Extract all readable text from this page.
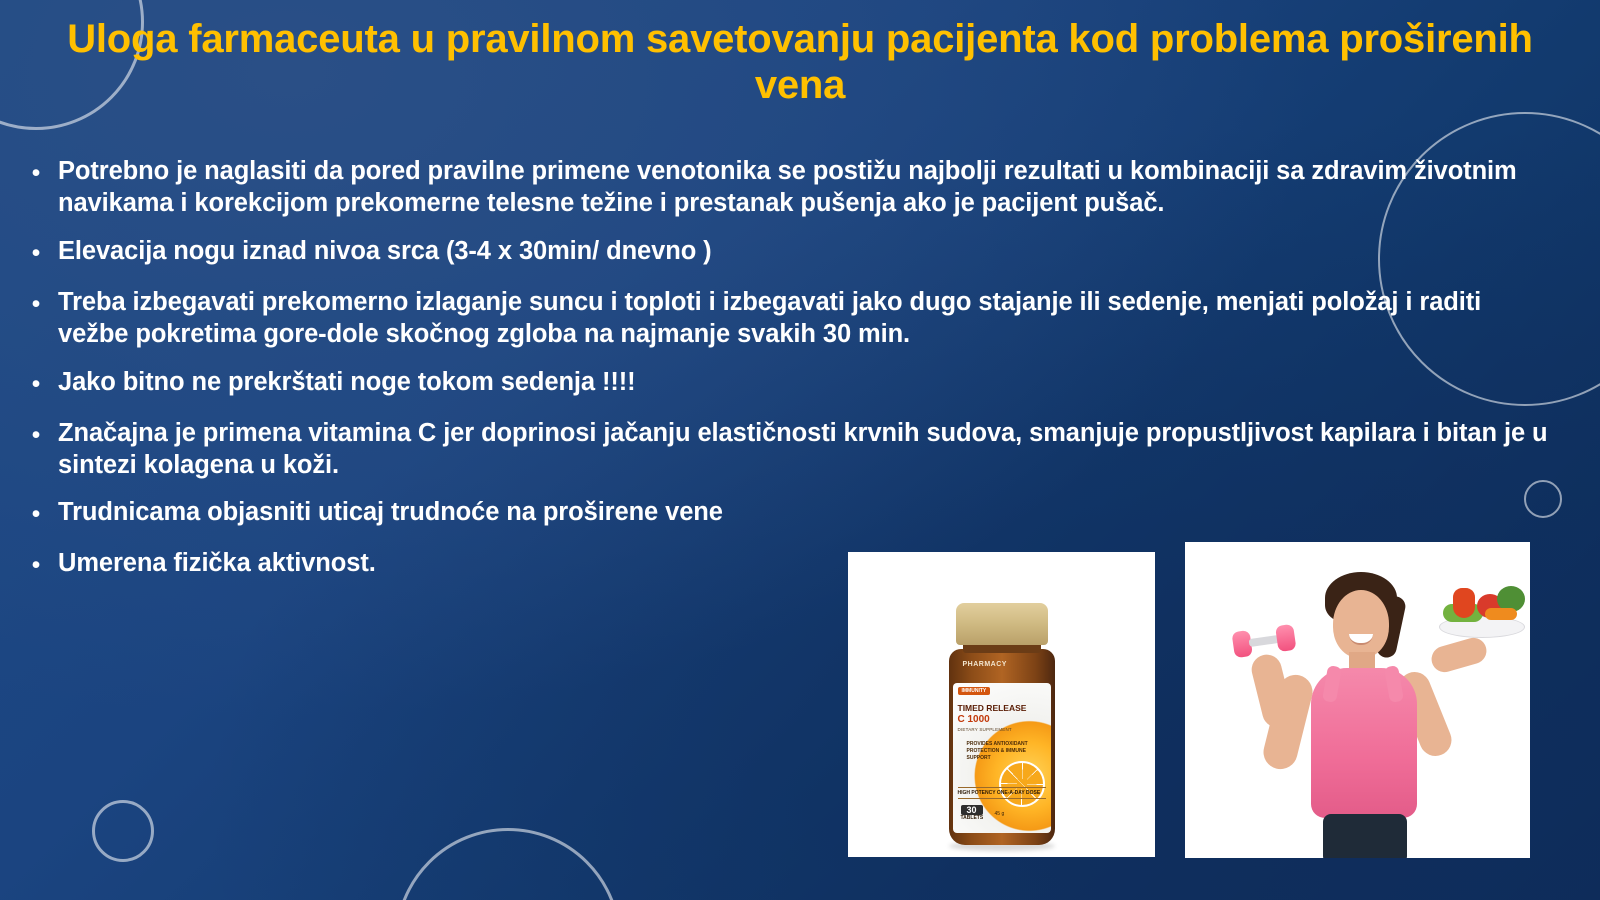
Uloga farmaceuta u pravilnom savetovanju pacijenta kod problema proširenih vena
• Potrebno je naglasiti da pored pravilne primene venotonika se postižu najbolji rezultati u kombinaciji sa zdravim životnim navikama i korekcijom prekomerne telesne težine i prestanak pušenja ako je pacijent pušač.
• Elevacija nogu iznad nivoa srca (3-4 x 30min/ dnevno )
• Treba izbegavati prekomerno izlaganje suncu i toploti i izbegavati jako dugo stajanje ili sedenje, menjati položaj i raditi vežbe pokretima gore-dole skočnog zgloba na najmanje svakih 30 min.
• Jako bitno ne prekrštati noge tokom sedenja !!!!
• Značajna je primena vitamina C jer doprinosi jačanju elastičnosti krvnih sudova, smanjuje propustljivost kapilara i bitan je u sintezi kolagena u koži.
• Trudnicama objasniti uticaj trudnoće na proširene vene
• Umerena fizička aktivnost.
PHARMACY
IMMUNITY
TIMED RELEASE
C 1000
DIETARY SUPPLEMENT
PROVIDES ANTIOXIDANT PROTECTION & IMMUNE SUPPORT
HIGH POTENCY ONE-A-DAY DOSE
30
TABLETS
45 g
